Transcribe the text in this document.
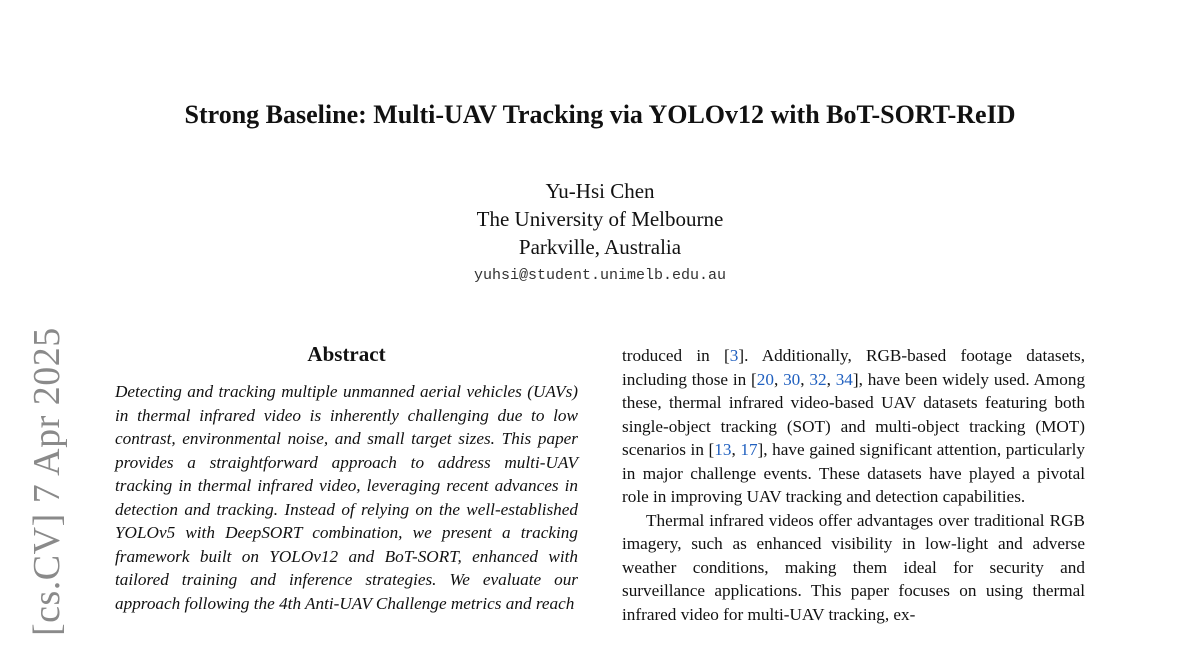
[cs.CV] 7 Apr 2025
Strong Baseline: Multi-UAV Tracking via YOLOv12 with BoT-SORT-ReID
Yu-Hsi Chen
The University of Melbourne
Parkville, Australia
yuhsi@student.unimelb.edu.au
Abstract

Detecting and tracking multiple unmanned aerial vehicles (UAVs) in thermal infrared video is inherently challenging due to low contrast, environmental noise, and small target sizes. This paper provides a straightforward approach to address multi-UAV tracking in thermal infrared video, leveraging recent advances in detection and tracking. Instead of relying on the well-established YOLOv5 with DeepSORT combination, we present a tracking framework built on YOLOv12 and BoT-SORT, enhanced with tailored training and inference strategies. We evaluate our approach following the 4th Anti-UAV Challenge metrics and reach

troduced in [3]. Additionally, RGB-based footage datasets, including those in [20, 30, 32, 34], have been widely used. Among these, thermal infrared video-based UAV datasets featuring both single-object tracking (SOT) and multi-object tracking (MOT) scenarios in [13, 17], have gained significant attention, particularly in major challenge events. These datasets have played a pivotal role in improving UAV tracking and detection capabilities.

Thermal infrared videos offer advantages over traditional RGB imagery, such as enhanced visibility in low-light and adverse weather conditions, making them ideal for security and surveillance applications. This paper focuses on using thermal infrared video for multi-UAV tracking, ex-
